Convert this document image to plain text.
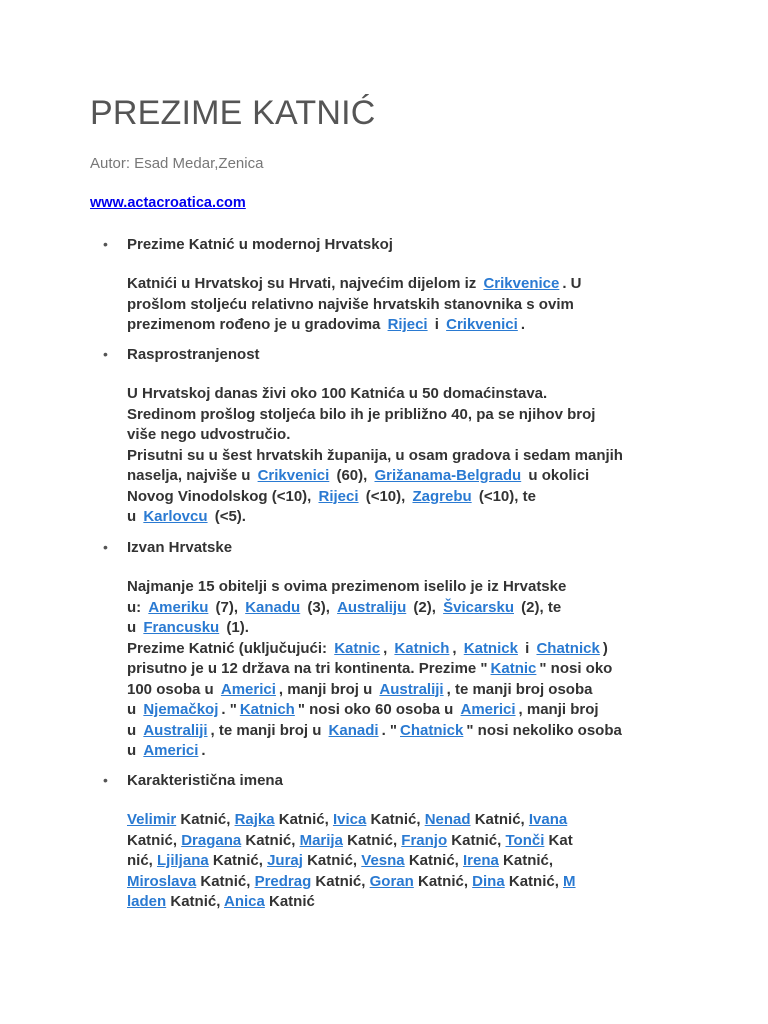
PREZIME KATNIĆ

Autor: Esad Medar,Zenica

www.actacroatica.com
• Prezime Katnić u modernoj Hrvatskoj
Katnići u Hrvatskoj su Hrvati, najvećim dijelom iz Crikvenice . U
prošlom stoljeću relativno najviše hrvatskih stanovnika s ovim
prezimenom rođeno je u gradovima Rijeci i Crikvenici .
• Rasprostranjenost
U Hrvatskoj danas živi oko 100 Katnića u 50 domaćinstava.
Sredinom prošlog stoljeća bilo ih je približno 40, pa se njihov broj
više nego udvostručio.
Prisutni su u šest hrvatskih županija, u osam gradova i sedam manjih
naselja, najviše u Crikvenici (60), Grižanama-Belgradu u okolici
Novog Vinodolskog (<10), Rijeci (<10), Zagrebu (<10), te
u Karlovcu (<5).
• Izvan Hrvatske
Najmanje 15 obitelji s ovima prezimenom iselilo je iz Hrvatske
u: Ameriku (7), Kanadu (3), Australiju (2), Švicarsku (2), te
u Francusku (1).
Prezime Katnić (uključujući: Katnic , Katnich , Katnick i Chatnick )
prisutno je u 12 država na tri kontinenta. Prezime " Katnic " nosi oko
100 osoba u Americi , manji broj u Australiji , te manji broj osoba
u Njemačkoj . " Katnich " nosi oko 60 osoba u Americi , manji broj
u Australiji , te manji broj u Kanadi . " Chatnick " nosi nekoliko osoba
u Americi .
• Karakteristična imena
Velimir Katnić, Rajka Katnić, Ivica Katnić, Nenad Katnić, Ivana
Katnić, Dragana Katnić, Marija Katnić, Franjo Katnić, Tonči Kat
nić, Ljiljana Katnić, Juraj Katnić, Vesna Katnić, Irena Katnić,
Miroslava Katnić, Predrag Katnić, Goran Katnić, Dina Katnić, M
laden Katnić, Anica Katnić
